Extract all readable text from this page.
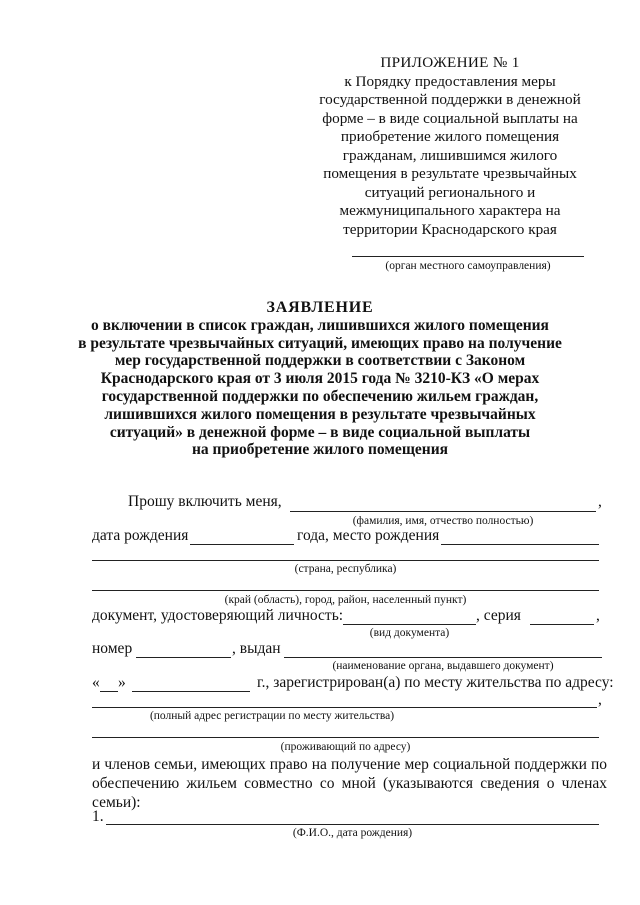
ПРИЛОЖЕНИЕ № 1
к Порядку предоставления меры
государственной поддержки в денежной
форме – в виде социальной выплаты на
приобретение жилого помещения
гражданам, лишившимся жилого
помещения в результате чрезвычайных
ситуаций регионального и
межмуниципального характера на
территории Краснодарского края
(орган местного самоуправления)
ЗАЯВЛЕНИЕ
о включении в список граждан, лишившихся жилого помещения
в результате чрезвычайных ситуаций, имеющих право на получение
мер государственной поддержки в соответствии с Законом
Краснодарского края от 3 июля 2015 года № 3210-КЗ «О мерах
государственной поддержки по обеспечению жильем граждан,
лишившихся жилого помещения в результате чрезвычайных
ситуаций» в денежной форме – в виде социальной выплаты
на приобретение жилого помещения
Прошу включить меня,	,
(фамилия, имя, отчество полностью)
дата рождения	года, место рождения
(страна, республика)
(край (область), город, район, населенный пункт)
документ, удостоверяющий личность:	, серия	,
(вид документа)
номер	, выдан
(наименование органа, выдавшего документ)
« »	г., зарегистрирован(а) по месту жительства по адресу:
,
(полный адрес регистрации по месту жительства)
(проживающий по адресу)
и членов семьи, имеющих право на получение мер социальной поддержки по обеспечению жильем совместно со мной (указываются сведения о членах семьи):
1.
(Ф.И.О., дата рождения)
